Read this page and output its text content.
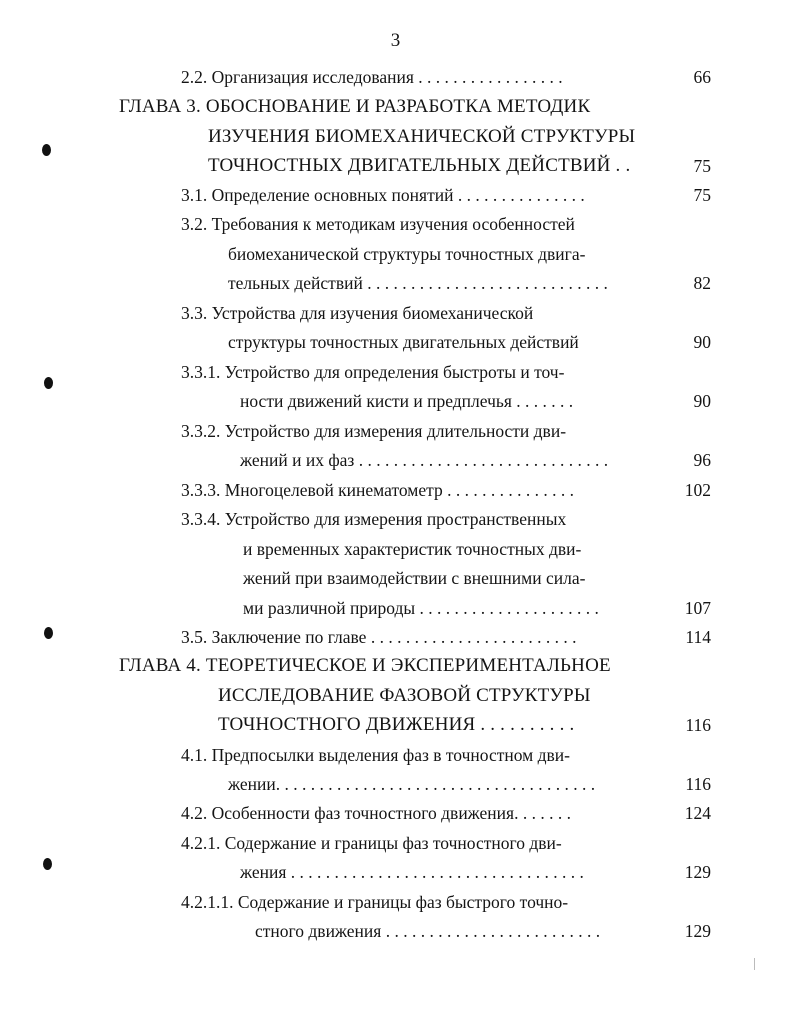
3
2.2. Организация исследования . . . . . . . . . . . . . . . . .	66
ГЛАВА 3. ОБОСНОВАНИЕ И РАЗРАБОТКА МЕТОДИК
ИЗУЧЕНИЯ БИОМЕХАНИЧЕСКОЙ СТРУКТУРЫ
ТОЧНОСТНЫХ ДВИГАТЕЛЬНЫХ ДЕЙСТВИЙ . .	75
3.1. Определение основных понятий . . . . . . . . . . . . . . .	75
3.2. Требования к методикам изучения особенностей
биомеханической структуры точностных двига-
тельных действий . . . . . . . . . . . . . . . . . . . . . . . . . . . .	82
3.3. Устройства для изучения биомеханической
структуры точностных двигательных действий	90
3.3.1. Устройство для определения быстроты и точ-
ности движений кисти и предплечья . . . . . . .	90
3.3.2. Устройство для измерения длительности дви-
жений и их фаз . . . . . . . . . . . . . . . . . . . . . . . . . . . . .	96
3.3.3. Многоцелевой кинематометр . . . . . . . . . . . . . . .	102
3.3.4. Устройство для измерения пространственных
и временных характеристик точностных дви-
жений при взаимодействии с внешними сила-
ми различной природы . . . . . . . . . . . . . . . . . . . . .	107
3.5. Заключение по главе . . . . . . . . . . . . . . . . . . . . . . . .	114
ГЛАВА 4. ТЕОРЕТИЧЕСКОЕ И ЭКСПЕРИМЕНТАЛЬНОЕ
ИССЛЕДОВАНИЕ ФАЗОВОЙ СТРУКТУРЫ
ТОЧНОСТНОГО ДВИЖЕНИЯ . . . . . . . . . .	116
4.1. Предпосылки выделения фаз в точностном дви-
жении. . . . . . . . . . . . . . . . . . . . . . . . . . . . . . . . . . . . .	116
4.2. Особенности фаз точностного движения. . . . . . .	124
4.2.1. Содержание и границы фаз точностного дви-
жения . . . . . . . . . . . . . . . . . . . . . . . . . . . . . . . . . .	129
4.2.1.1. Содержание и границы фаз быстрого точно-
стного движения . . . . . . . . . . . . . . . . . . . . . . . . .	129
